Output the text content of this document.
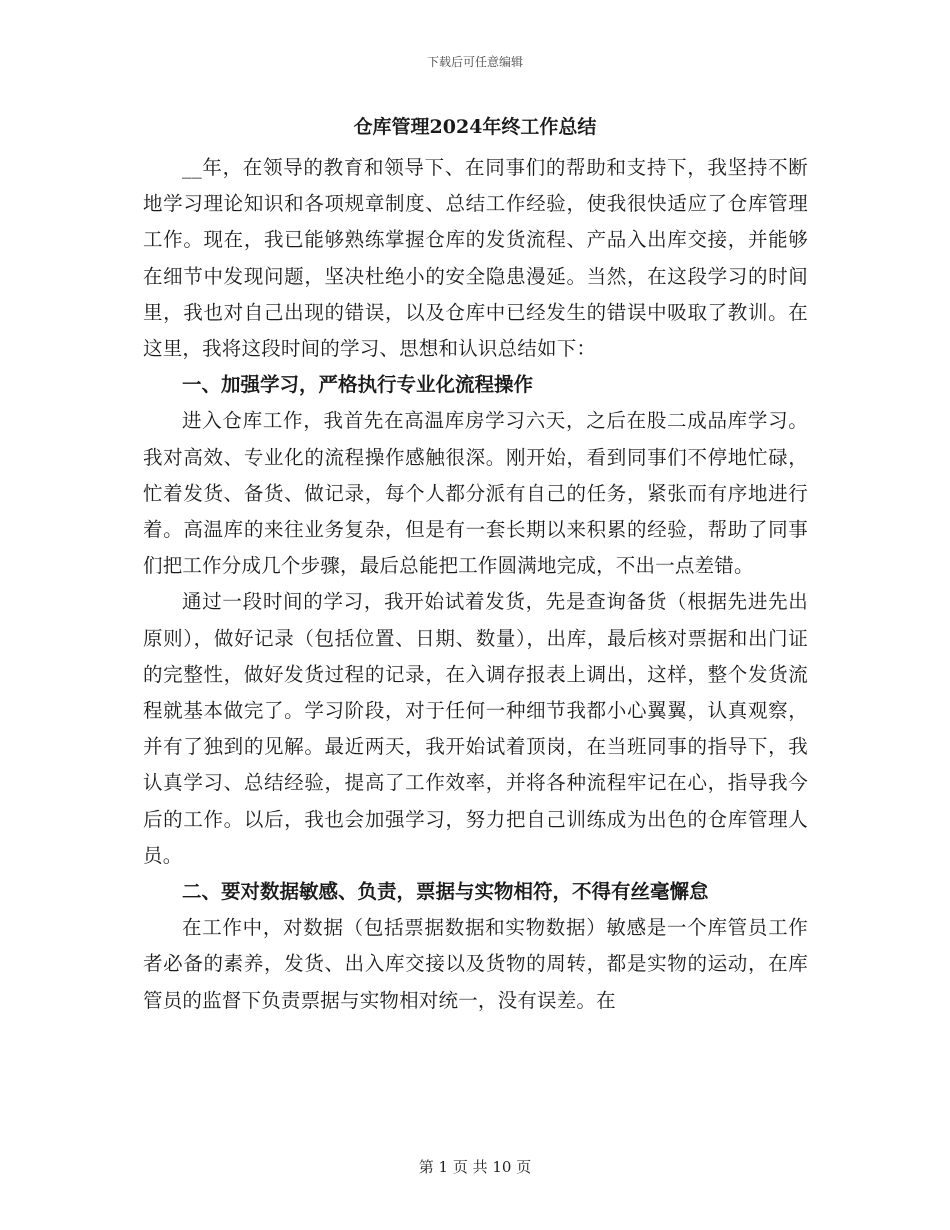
下载后可任意编辑
仓库管理2024年终工作总结

__年，在领导的教育和领导下、在同事们的帮助和支持下，我坚持不断地学习理论知识和各项规章制度、总结工作经验，使我很快适应了仓库管理工作。现在，我已能够熟练掌握仓库的发货流程、产品入出库交接，并能够在细节中发现问题，坚决杜绝小的安全隐患漫延。当然，在这段学习的时间里，我也对自己出现的错误，以及仓库中已经发生的错误中吸取了教训。在这里，我将这段时间的学习、思想和认识总结如下：

一、加强学习，严格执行专业化流程操作

进入仓库工作，我首先在高温库房学习六天，之后在股二成品库学习。我对高效、专业化的流程操作感触很深。刚开始，看到同事们不停地忙碌，忙着发货、备货、做记录，每个人都分派有自己的任务，紧张而有序地进行着。高温库的来往业务复杂，但是有一套长期以来积累的经验，帮助了同事们把工作分成几个步骤，最后总能把工作圆满地完成，不出一点差错。

通过一段时间的学习，我开始试着发货，先是查询备货（根据先进先出原则），做好记录（包括位置、日期、数量），出库，最后核对票据和出门证的完整性，做好发货过程的记录，在入调存报表上调出，这样，整个发货流程就基本做完了。学习阶段，对于任何一种细节我都小心翼翼，认真观察，并有了独到的见解。最近两天，我开始试着顶岗，在当班同事的指导下，我认真学习、总结经验，提高了工作效率，并将各种流程牢记在心，指导我今后的工作。以后，我也会加强学习，努力把自己训练成为出色的仓库管理人员。

二、要对数据敏感、负责，票据与实物相符，不得有丝毫懈怠

在工作中，对数据（包括票据数据和实物数据）敏感是一个库管员工作者必备的素养，发货、出入库交接以及货物的周转，都是实物的运动，在库管员的监督下负责票据与实物相对统一，没有误差。在

第 1 页 共 10 页
